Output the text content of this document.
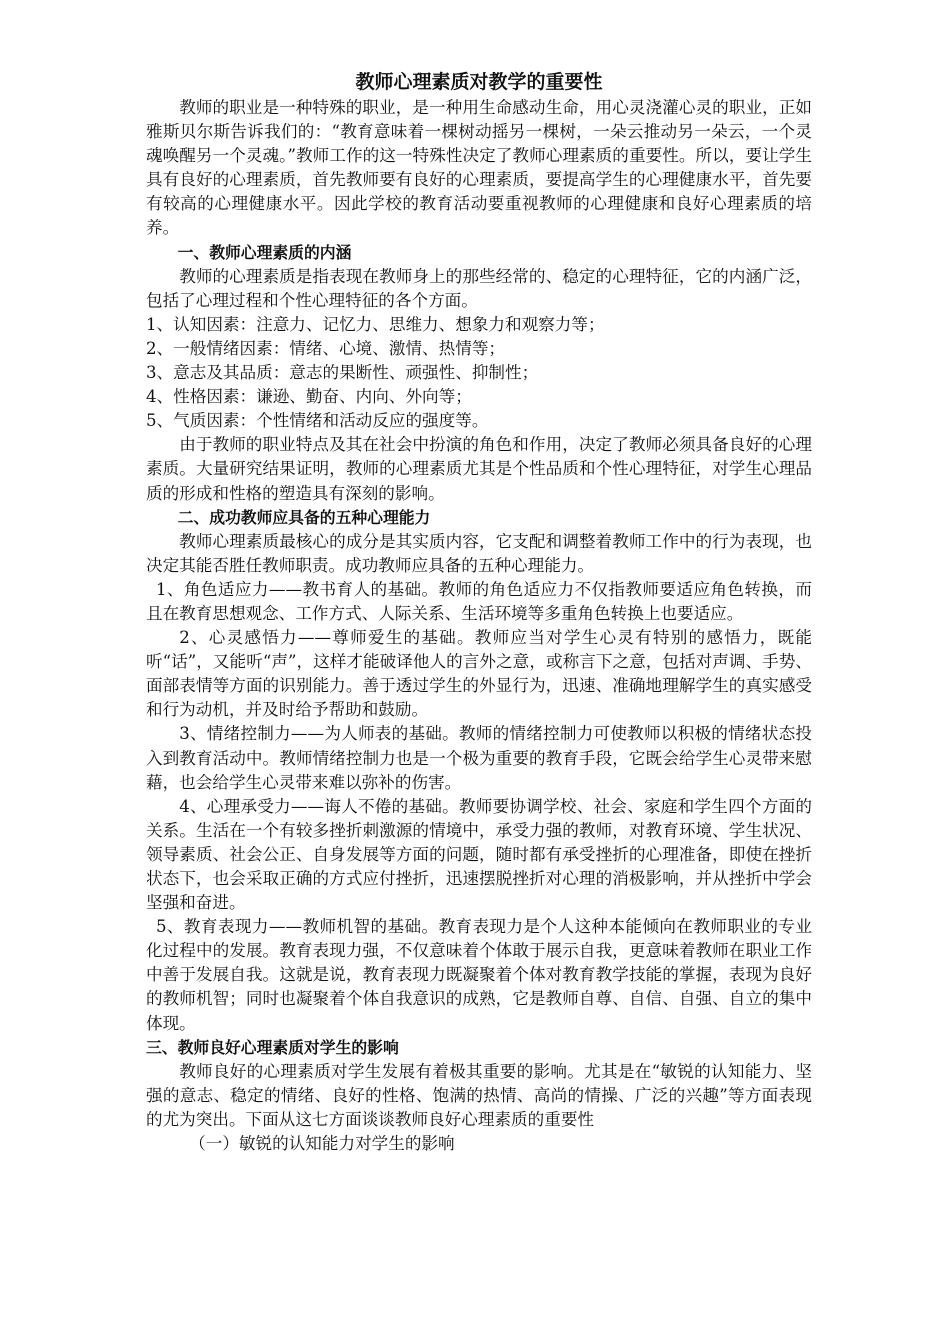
教师心理素质对教学的重要性

教师的职业是一种特殊的职业，是一种用生命感动生命，用心灵浇灌心灵的职业，正如雅斯贝尔斯告诉我们的：“教育意味着一棵树动摇另一棵树，一朵云推动另一朵云，一个灵魂唤醒另一个灵魂。”教师工作的这一特殊性决定了教师心理素质的重要性。所以，要让学生具有良好的心理素质，首先教师要有良好的心理素质，要提高学生的心理健康水平，首先要有较高的心理健康水平。因此学校的教育活动要重视教师的心理健康和良好心理素质的培养。

一、教师心理素质的内涵

教师的心理素质是指表现在教师身上的那些经常的、稳定的心理特征，它的内涵广泛，包括了心理过程和个性心理特征的各个方面。

1、认知因素：注意力、记忆力、思维力、想象力和观察力等；

2、一般情绪因素：情绪、心境、激情、热情等；

3、意志及其品质：意志的果断性、顽强性、抑制性；

4、性格因素：谦逊、勤奋、内向、外向等；

5、气质因素：个性情绪和活动反应的强度等。

由于教师的职业特点及其在社会中扮演的角色和作用，决定了教师必须具备良好的心理素质。大量研究结果证明，教师的心理素质尤其是个性品质和个性心理特征，对学生心理品质的形成和性格的塑造具有深刻的影响。

二、成功教师应具备的五种心理能力

教师心理素质最核心的成分是其实质内容，它支配和调整着教师工作中的行为表现，也决定其能否胜任教师职责。成功教师应具备的五种心理能力。

1、角色适应力——教书育人的基础。教师的角色适应力不仅指教师要适应角色转换，而且在教育思想观念、工作方式、人际关系、生活环境等多重角色转换上也要适应。

2、心灵感悟力——尊师爱生的基础。教师应当对学生心灵有特别的感悟力，既能听“话”，又能听“声”，这样才能破译他人的言外之意，或称言下之意，包括对声调、手势、面部表情等方面的识别能力。善于透过学生的外显行为，迅速、准确地理解学生的真实感受和行为动机，并及时给予帮助和鼓励。

3、情绪控制力——为人师表的基础。教师的情绪控制力可使教师以积极的情绪状态投入到教育活动中。教师情绪控制力也是一个极为重要的教育手段，它既会给学生心灵带来慰藉，也会给学生心灵带来难以弥补的伤害。

4、心理承受力——诲人不倦的基础。教师要协调学校、社会、家庭和学生四个方面的关系。生活在一个有较多挫折刺激源的情境中，承受力强的教师，对教育环境、学生状况、领导素质、社会公正、自身发展等方面的问题，随时都有承受挫折的心理准备，即使在挫折状态下，也会采取正确的方式应付挫折，迅速摆脱挫折对心理的消极影响，并从挫折中学会坚强和奋进。

5、教育表现力——教师机智的基础。教育表现力是个人这种本能倾向在教师职业的专业化过程中的发展。教育表现力强，不仅意味着个体敢于展示自我，更意味着教师在职业工作中善于发展自我。这就是说，教育表现力既凝聚着个体对教育教学技能的掌握，表现为良好的教师机智；同时也凝聚着个体自我意识的成熟，它是教师自尊、自信、自强、自立的集中体现。

三、教师良好心理素质对学生的影响

教师良好的心理素质对学生发展有着极其重要的影响。尤其是在“敏锐的认知能力、坚强的意志、稳定的情绪、良好的性格、饱满的热情、高尚的情操、广泛的兴趣”等方面表现的尤为突出。下面从这七方面谈谈教师良好心理素质的重要性

（一）敏锐的认知能力对学生的影响
